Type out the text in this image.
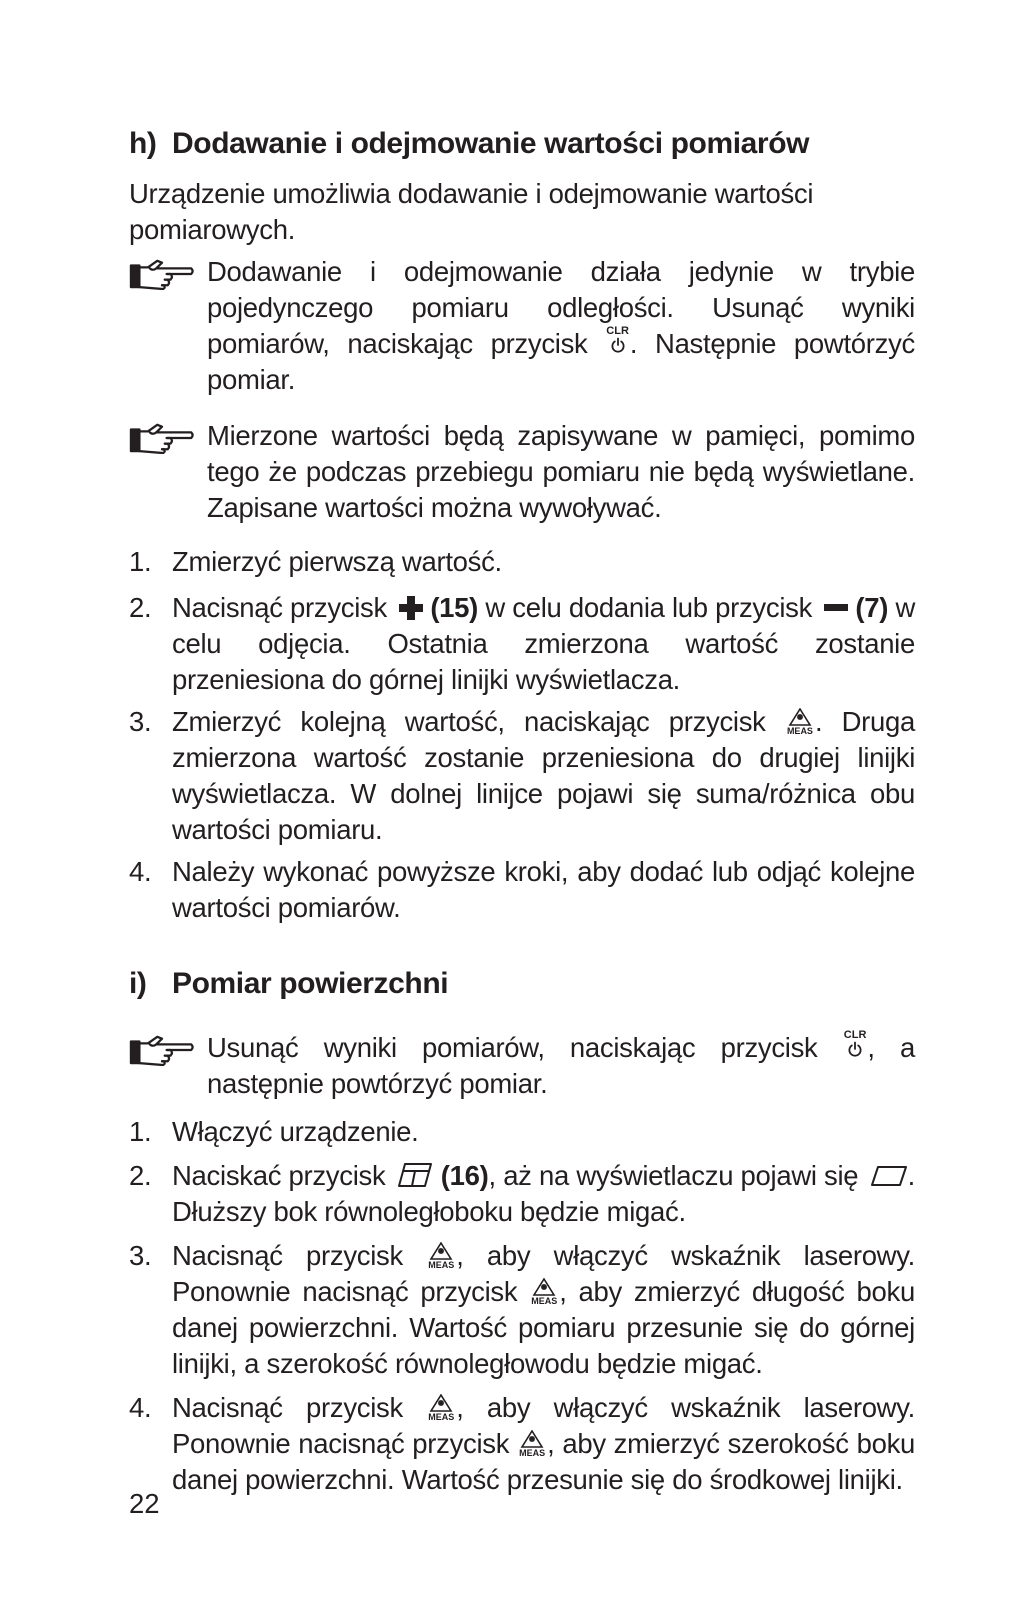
h) Dodawanie i odejmowanie wartości pomiarów

Urządzenie umożliwia dodawanie i odejmowanie wartości pomiarowych.

Dodawanie i odejmowanie działa jedynie w trybie pojedynczego pomiaru odległości. Usunąć wyniki pomiarów, naciskając przycisk CLR . Następnie powtórzyć pomiar.
Mierzone wartości będą zapisywane w pamięci, pomimo tego że podczas przebiegu pomiaru nie będą wyświetlane. Zapisane wartości można wywoływać.
1. Zmierzyć pierwszą wartość.
2. Nacisnąć przycisk (15) w celu dodania lub przycisk (7) w celu odjęcia. Ostatnia zmierzona wartość zostanie przeniesiona do górnej linijki wyświetlacza.
3. Zmierzyć kolejną wartość, naciskając przycisk MEAS . Druga zmierzona wartość zostanie przeniesiona do drugiej linijki wyświetlacza. W dolnej linijce pojawi się suma/różnica obu wartości pomiaru.
4. Należy wykonać powyższe kroki, aby dodać lub odjąć kolejne wartości pomiarów.
i) Pomiar powierzchni
Usunąć wyniki pomiarów, naciskając przycisk CLR , a następnie powtórzyć pomiar.
1. Włączyć urządzenie.
2. Naciskać przycisk (16), aż na wyświetlaczu pojawi się . Dłuższy bok równoległoboku będzie migać.
3. Nacisnąć przycisk MEAS , aby włączyć wskaźnik laserowy. Ponownie nacisnąć przycisk MEAS , aby zmierzyć długość boku danej powierzchni. Wartość pomiaru przesunie się do górnej linijki, a szerokość równoległowodu będzie migać.
4. Nacisnąć przycisk MEAS , aby włączyć wskaźnik laserowy. Ponownie nacisnąć przycisk MEAS , aby zmierzyć szerokość boku danej powierzchni. Wartość przesunie się do środkowej linijki.
22
